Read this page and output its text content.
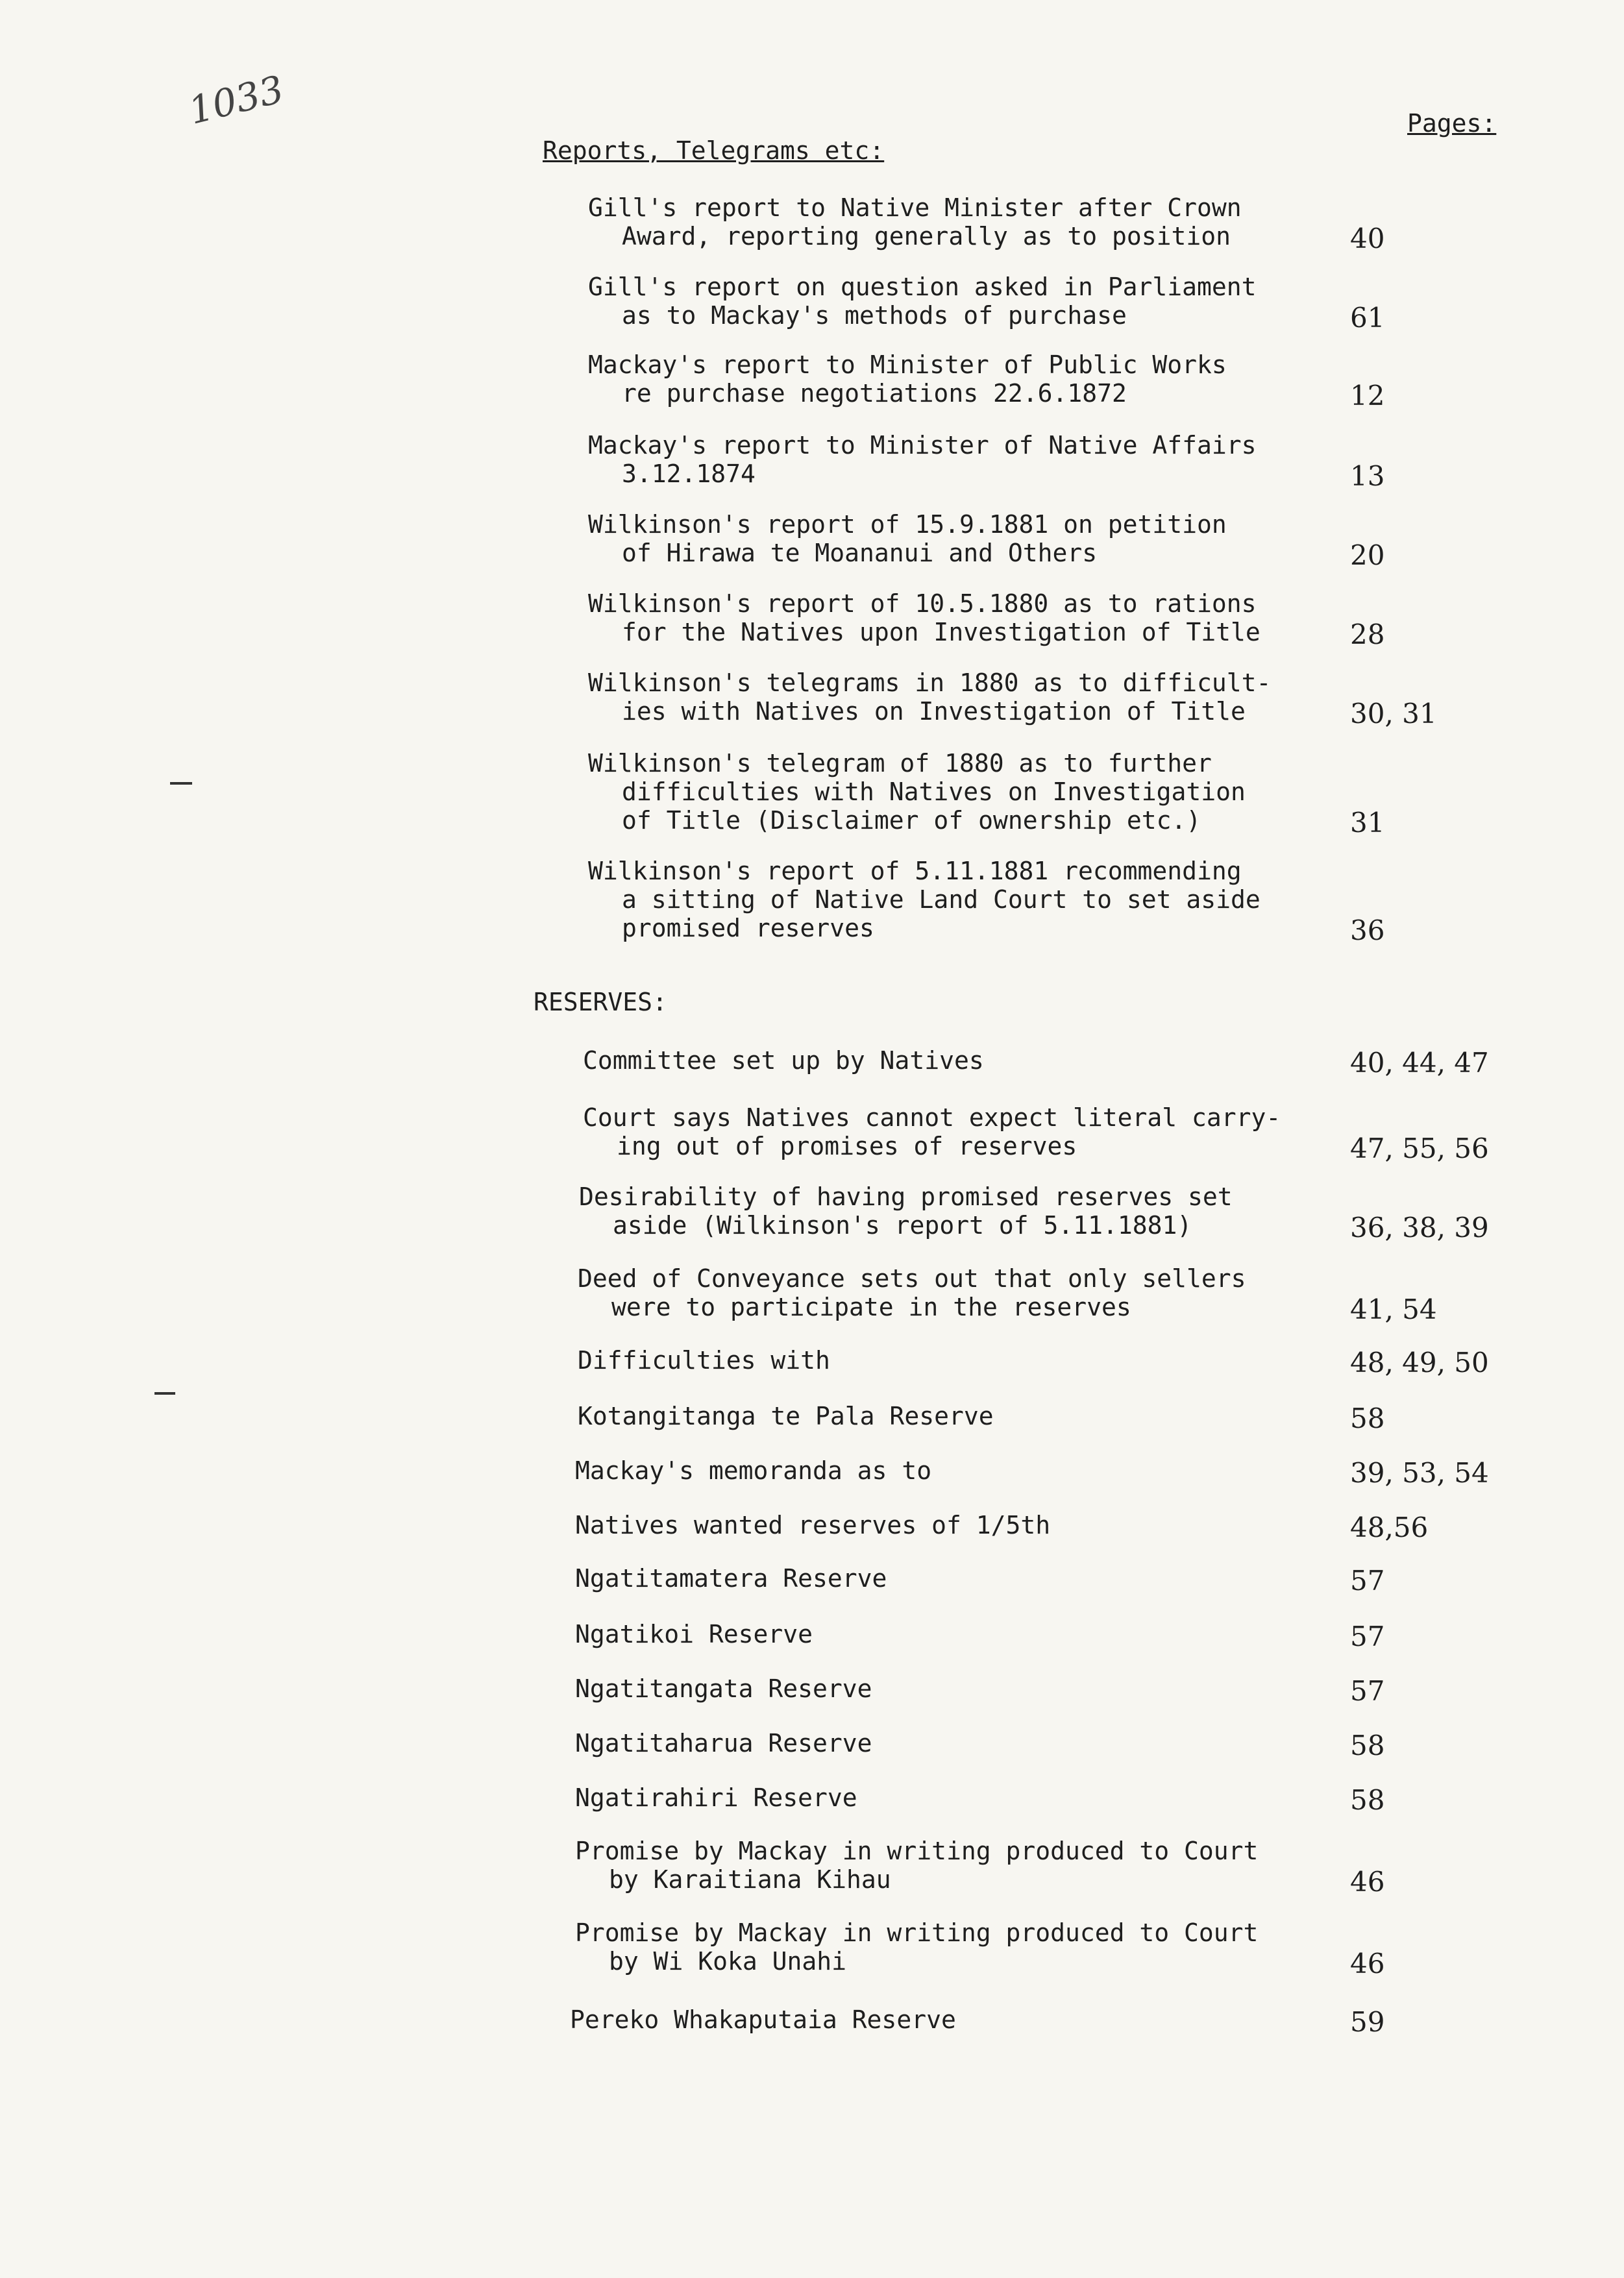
1033	Pages:
Reports, Telegrams etc:
RESERVES:
Gill's report to Native Minister after Crown
Award, reporting generally as to position	40
Gill's report on question asked in Parliament
as to Mackay's methods of purchase	61
Mackay's report to Minister of Public Works
re purchase negotiations 22.6.1872	12
Mackay's report to Minister of Native Affairs
3.12.1874	13
Wilkinson's report of 15.9.1881 on petition
of Hirawa te Moananui and Others	20
Wilkinson's report of 10.5.1880 as to rations
for the Natives upon Investigation of Title	28
Wilkinson's telegrams in 1880 as to difficult-
ies with Natives on Investigation of Title	30, 31
Wilkinson's telegram of 1880 as to further
difficulties with Natives on Investigation
of Title (Disclaimer of ownership etc.)	31
Wilkinson's report of 5.11.1881 recommending
a sitting of Native Land Court to set aside
promised reserves	36
Committee set up by Natives	40, 44, 47
Court says Natives cannot expect literal carry-
ing out of promises of reserves	47, 55, 56
Desirability of having promised reserves set
aside (Wilkinson's report of 5.11.1881)	36, 38, 39
Deed of Conveyance sets out that only sellers
were to participate in the reserves	41, 54
Difficulties with	48, 49, 50
Kotangitanga te Pala Reserve	58
Mackay's memoranda as to	39, 53, 54
Natives wanted reserves of 1/5th	48,56
Ngatitamatera Reserve	57
Ngatikoi Reserve	57
Ngatitangata Reserve	57
Ngatitaharua Reserve	58
Ngatirahiri Reserve	58
Promise by Mackay in writing produced to Court
by Karaitiana Kihau	46
Promise by Mackay in writing produced to Court
by Wi Koka Unahi	46
Pereko Whakaputaia Reserve	59
